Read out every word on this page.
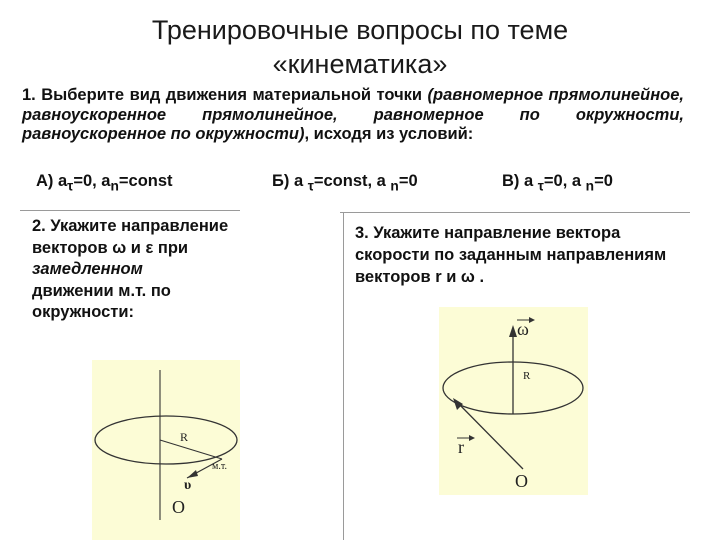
Тренировочные вопросы по теме
«кинематика»
1. Выберите вид движения материальной точки (равномерное прямолинейное, равноускоренное прямолинейное, равномерное по окружности, равноускоренное по окружности), исходя из условий:
А) $a_\tau=0$, $a_n=const$	Б) a $_\tau$=const, a $_n$=0	В) a $_\tau$=0, a $_n$=0
2. Укажите направление векторов ω и ε при
замедленном
движении м.т. по окружности:
3. Укажите направление вектора скорости по заданным направлениям векторов r и ω .
R
м.т.
υ
O
ω
R
r
O
